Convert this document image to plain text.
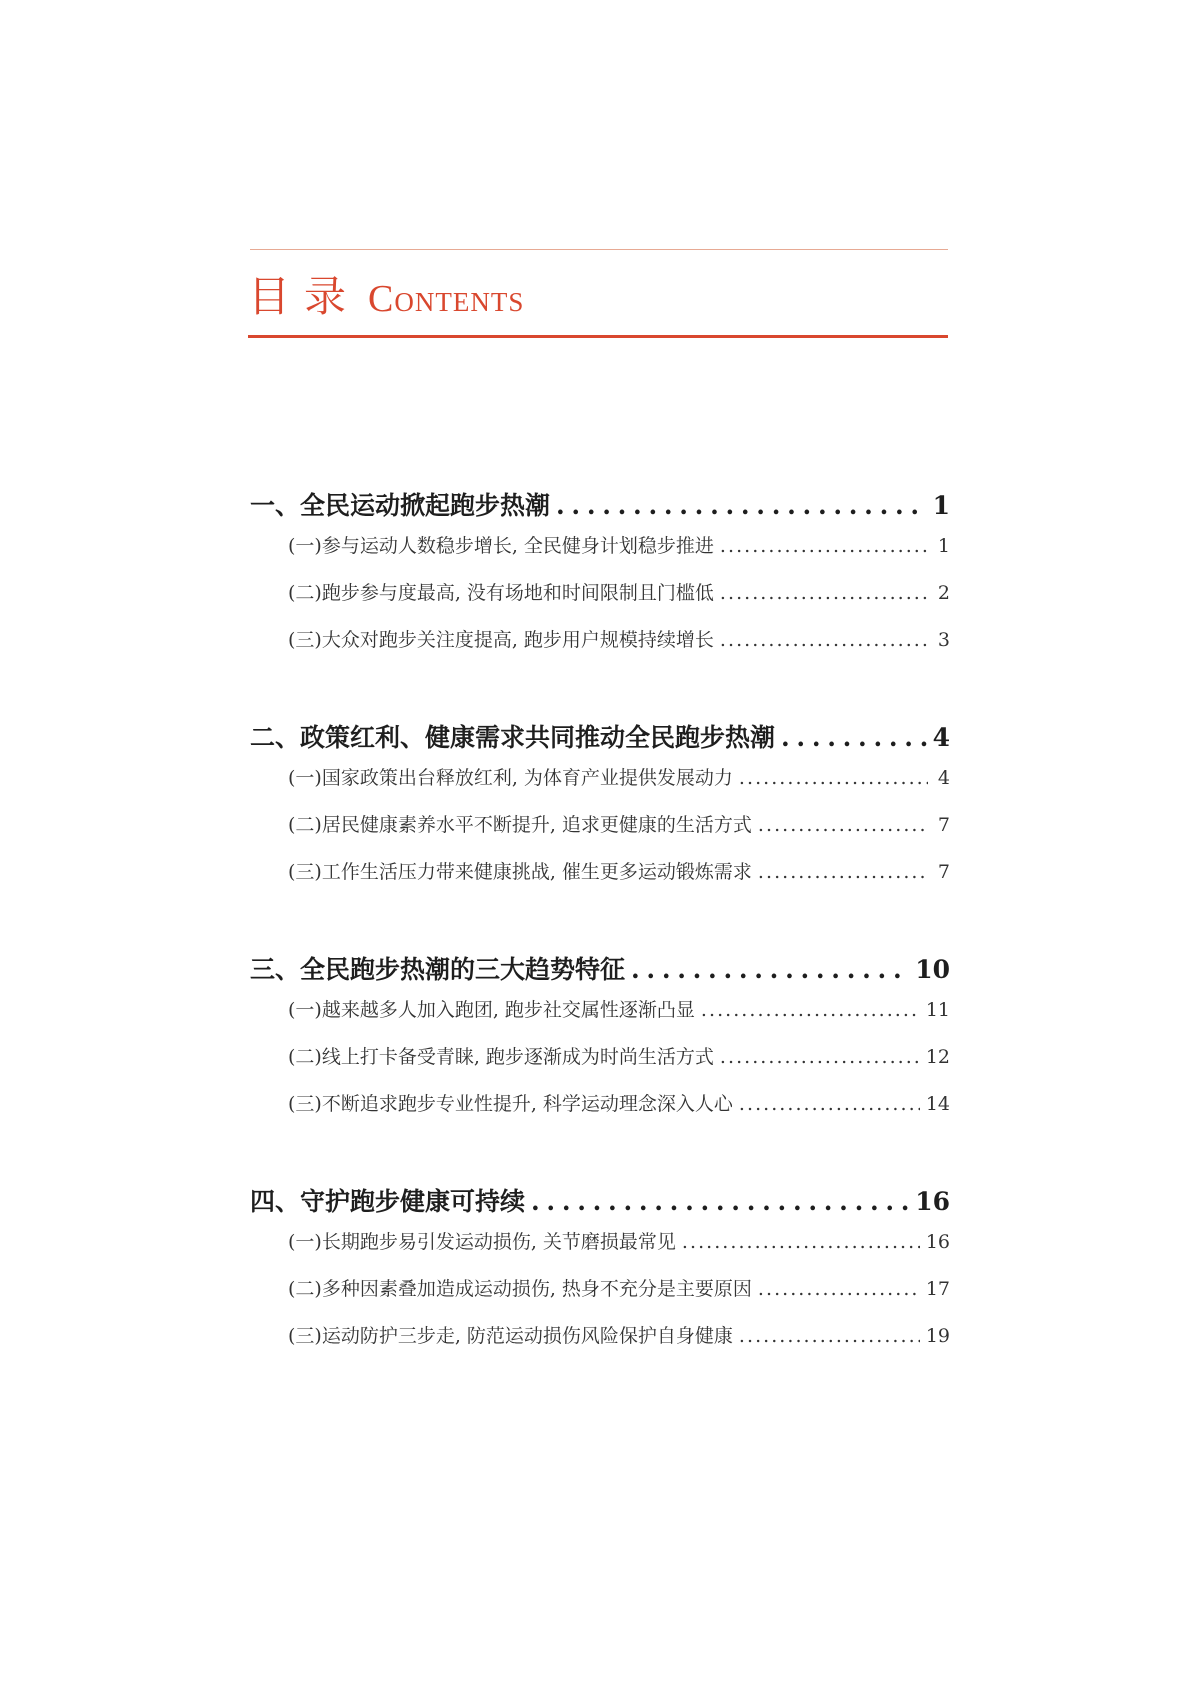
目录 Contents
一、全民运动掀起跑步热潮 . . .	1
(一)参与运动人数稳步增长, 全民健身计划稳步推进 . . .	1
(二)跑步参与度最高, 没有场地和时间限制且门槛低 . . .	2
(三)大众对跑步关注度提高, 跑步用户规模持续增长 . . .	3
二、政策红利、健康需求共同推动全民跑步热潮 . . .	4
(一)国家政策出台释放红利, 为体育产业提供发展动力 . . .	4
(二)居民健康素养水平不断提升, 追求更健康的生活方式 . . .	7
(三)工作生活压力带来健康挑战, 催生更多运动锻炼需求 . . .	7
三、全民跑步热潮的三大趋势特征 . . .	10
(一)越来越多人加入跑团, 跑步社交属性逐渐凸显 . . .	11
(二)线上打卡备受青睐, 跑步逐渐成为时尚生活方式 . . .	12
(三)不断追求跑步专业性提升, 科学运动理念深入人心 . . .	14
四、守护跑步健康可持续 . . .	16
(一)长期跑步易引发运动损伤, 关节磨损最常见 . . .	16
(二)多种因素叠加造成运动损伤, 热身不充分是主要原因 . . .	17
(三)运动防护三步走, 防范运动损伤风险保护自身健康 . . .	19
